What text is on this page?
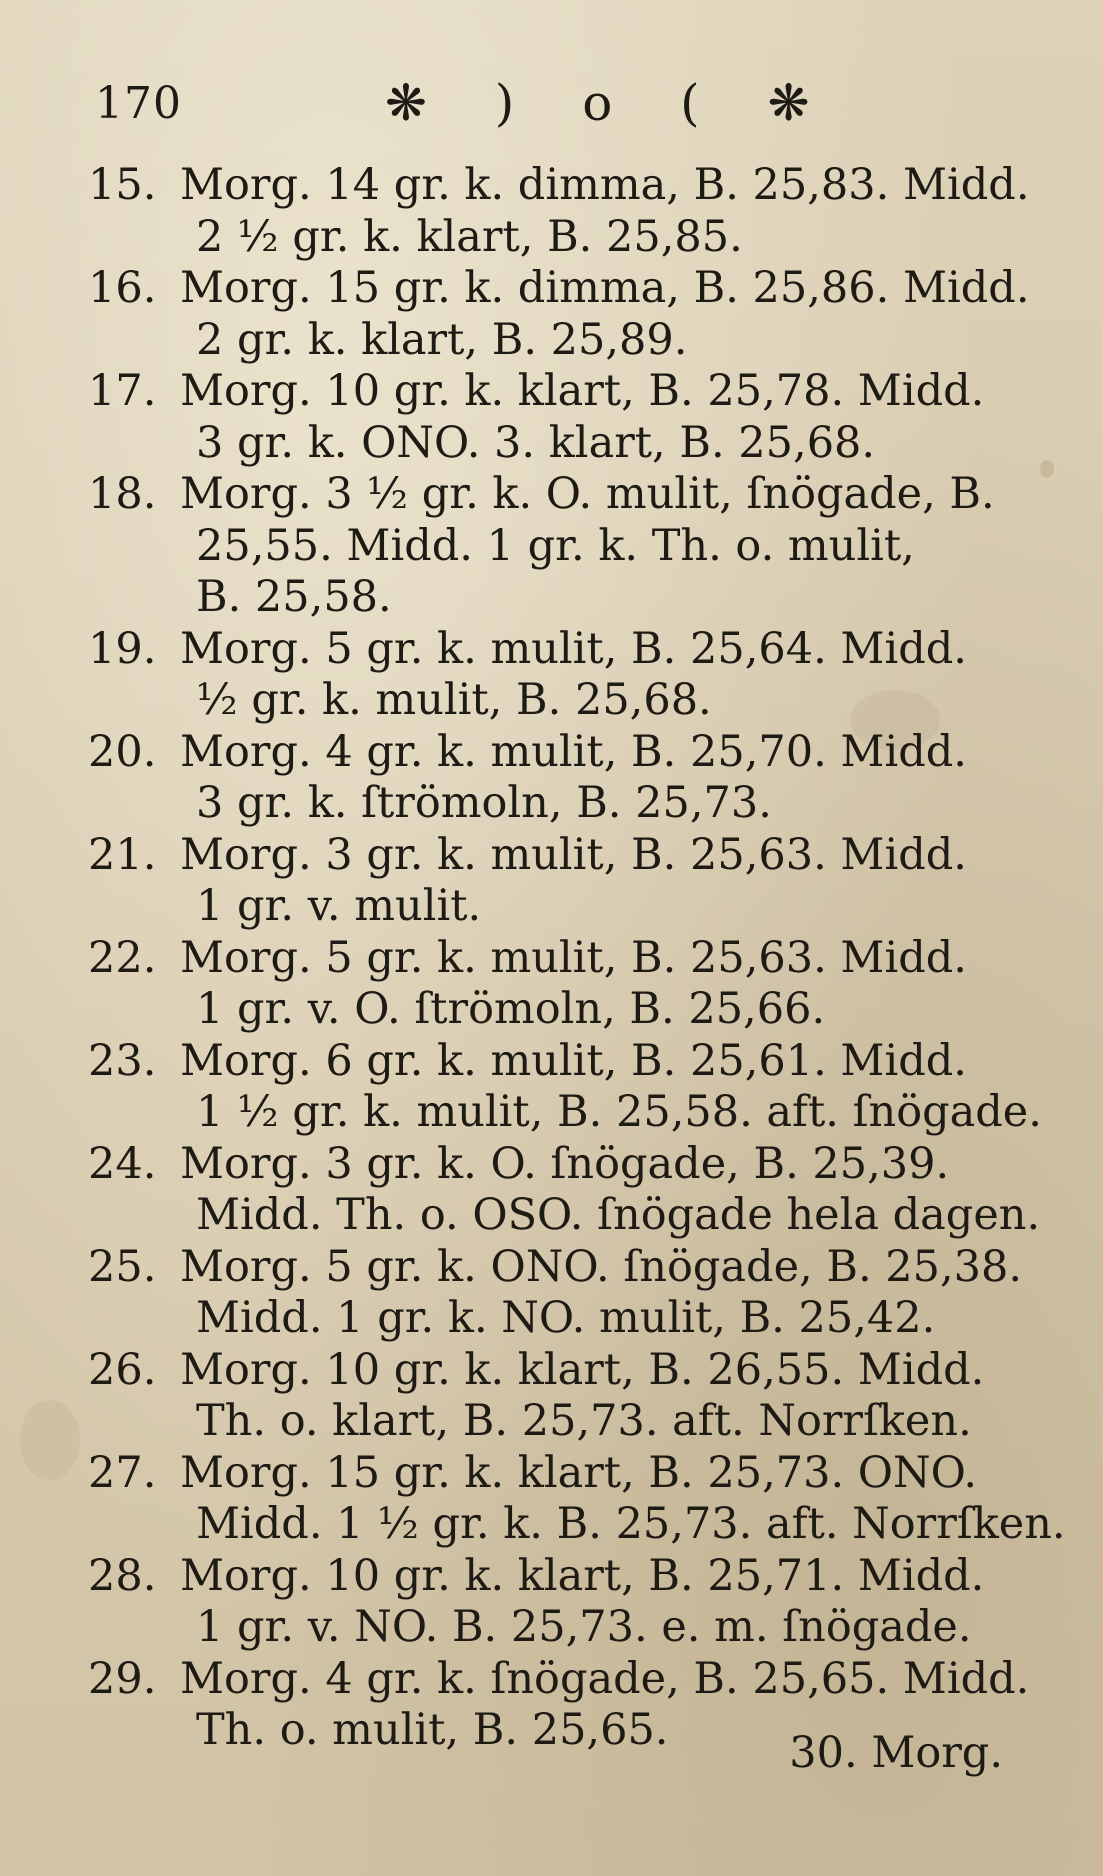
170	❋ ) o ( ❋
15. Morg. 14 gr. k. dimma, B. 25,83. Midd.
2 ½ gr. k. klart, B. 25,85.
16. Morg. 15 gr. k. dimma, B. 25,86. Midd.
2 gr. k. klart, B. 25,89.
17. Morg. 10 gr. k. klart, B. 25,78. Midd.
3 gr. k. ONO. 3. klart, B. 25,68.
18. Morg. 3 ½ gr. k. O. mulit, ſnögade, B.
25,55. Midd. 1 gr. k. Th. o. mulit,
B. 25,58.
19. Morg. 5 gr. k. mulit, B. 25,64. Midd.
½ gr. k. mulit, B. 25,68.
20. Morg. 4 gr. k. mulit, B. 25,70. Midd.
3 gr. k. ſtrömoln, B. 25,73.
21. Morg. 3 gr. k. mulit, B. 25,63. Midd.
1 gr. v. mulit.
22. Morg. 5 gr. k. mulit, B. 25,63. Midd.
1 gr. v. O. ſtrömoln, B. 25,66.
23. Morg. 6 gr. k. mulit, B. 25,61. Midd.
1 ½ gr. k. mulit, B. 25,58. aft. ſnögade.
24. Morg. 3 gr. k. O. ſnögade, B. 25,39.
Midd. Th. o. OSO. ſnögade hela dagen.
25. Morg. 5 gr. k. ONO. ſnögade, B. 25,38.
Midd. 1 gr. k. NO. mulit, B. 25,42.
26. Morg. 10 gr. k. klart, B. 26,55. Midd.
Th. o. klart, B. 25,73. aft. Norrſken.
27. Morg. 15 gr. k. klart, B. 25,73. ONO.
Midd. 1 ½ gr. k. B. 25,73. aft. Norrſken.
28. Morg. 10 gr. k. klart, B. 25,71. Midd.
1 gr. v. NO. B. 25,73. e. m. ſnögade.
29. Morg. 4 gr. k. ſnögade, B. 25,65. Midd.
Th. o. mulit, B. 25,65.	30. Morg.
